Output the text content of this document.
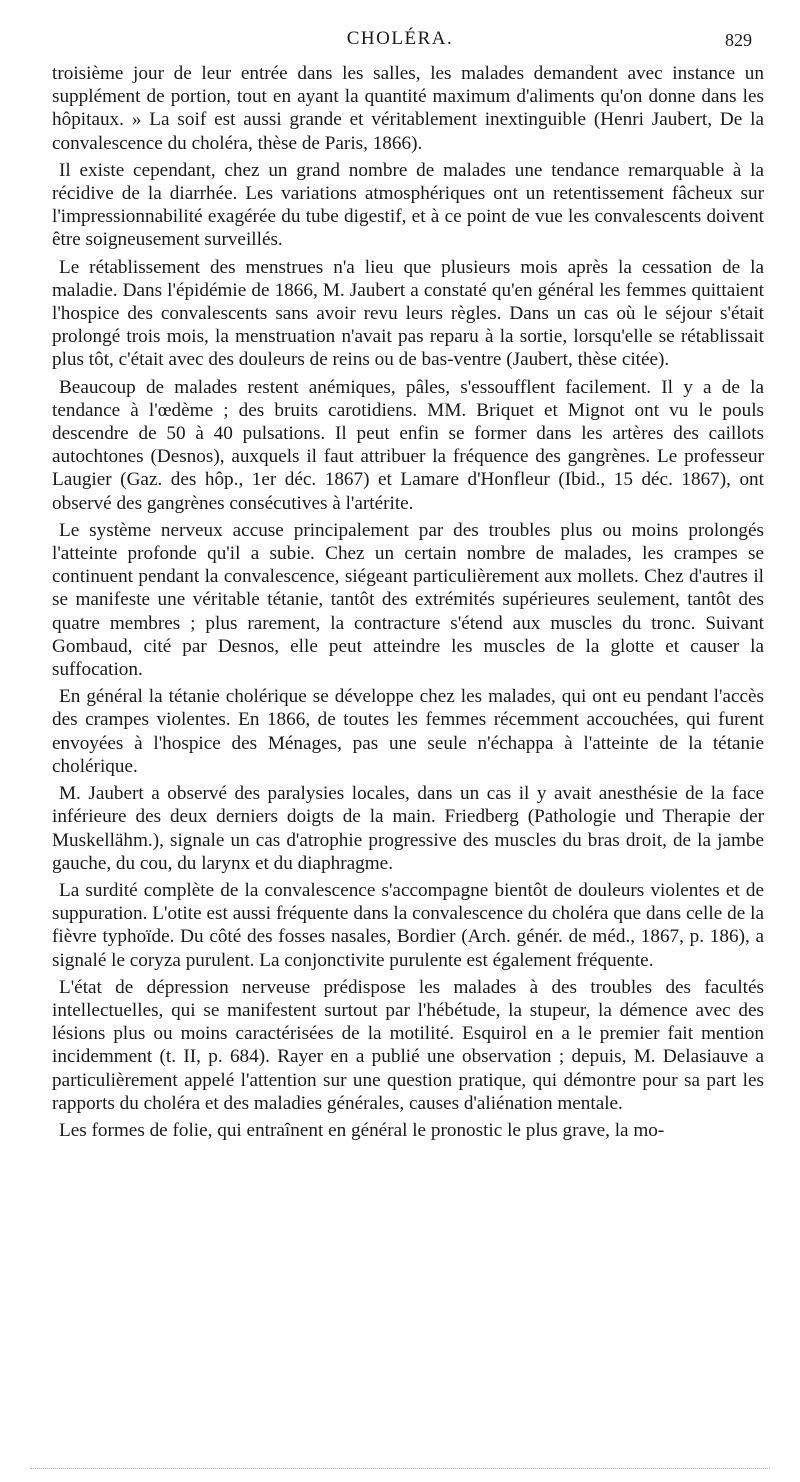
CHOLÉRA.	829

troisième jour de leur entrée dans les salles, les malades demandent avec instance un supplément de portion, tout en ayant la quantité maximum d'aliments qu'on donne dans les hôpitaux. » La soif est aussi grande et véritablement inextinguible (Henri Jaubert, De la convalescence du choléra, thèse de Paris, 1866).

Il existe cependant, chez un grand nombre de malades une tendance remarquable à la récidive de la diarrhée. Les variations atmosphériques ont un retentissement fâcheux sur l'impressionnabilité exagérée du tube digestif, et à ce point de vue les convalescents doivent être soigneusement surveillés.

Le rétablissement des menstrues n'a lieu que plusieurs mois après la cessation de la maladie. Dans l'épidémie de 1866, M. Jaubert a constaté qu'en général les femmes quittaient l'hospice des convalescents sans avoir revu leurs règles. Dans un cas où le séjour s'était prolongé trois mois, la menstruation n'avait pas reparu à la sortie, lorsqu'elle se rétablissait plus tôt, c'était avec des douleurs de reins ou de bas-ventre (Jaubert, thèse citée).

Beaucoup de malades restent anémiques, pâles, s'essoufflent facilement. Il y a de la tendance à l'œdème ; des bruits carotidiens. MM. Briquet et Mignot ont vu le pouls descendre de 50 à 40 pulsations. Il peut enfin se former dans les artères des caillots autochtones (Desnos), auxquels il faut attribuer la fréquence des gangrènes. Le professeur Laugier (Gaz. des hôp., 1er déc. 1867) et Lamare d'Honfleur (Ibid., 15 déc. 1867), ont observé des gangrènes consécutives à l'artérite.

Le système nerveux accuse principalement par des troubles plus ou moins prolongés l'atteinte profonde qu'il a subie. Chez un certain nombre de malades, les crampes se continuent pendant la convalescence, siégeant particulièrement aux mollets. Chez d'autres il se manifeste une véritable tétanie, tantôt des extrémités supérieures seulement, tantôt des quatre membres ; plus rarement, la contracture s'étend aux muscles du tronc. Suivant Gombaud, cité par Desnos, elle peut atteindre les muscles de la glotte et causer la suffocation.

En général la tétanie cholérique se développe chez les malades, qui ont eu pendant l'accès des crampes violentes. En 1866, de toutes les femmes récemment accouchées, qui furent envoyées à l'hospice des Ménages, pas une seule n'échappa à l'atteinte de la tétanie cholérique.

M. Jaubert a observé des paralysies locales, dans un cas il y avait anesthésie de la face inférieure des deux derniers doigts de la main. Friedberg (Pathologie und Therapie der Muskellähm.), signale un cas d'atrophie progressive des muscles du bras droit, de la jambe gauche, du cou, du larynx et du diaphragme.

La surdité complète de la convalescence s'accompagne bientôt de douleurs violentes et de suppuration. L'otite est aussi fréquente dans la convalescence du choléra que dans celle de la fièvre typhoïde. Du côté des fosses nasales, Bordier (Arch. génér. de méd., 1867, p. 186), a signalé le coryza purulent. La conjonctivite purulente est également fréquente.

L'état de dépression nerveuse prédispose les malades à des troubles des facultés intellectuelles, qui se manifestent surtout par l'hébétude, la stupeur, la démence avec des lésions plus ou moins caractérisées de la motilité. Esquirol en a le premier fait mention incidemment (t. II, p. 684). Rayer en a publié une observation ; depuis, M. Delasiauve a particulièrement appelé l'attention sur une question pratique, qui démontre pour sa part les rapports du choléra et des maladies générales, causes d'aliénation mentale.

Les formes de folie, qui entraînent en général le pronostic le plus grave, la mo-
